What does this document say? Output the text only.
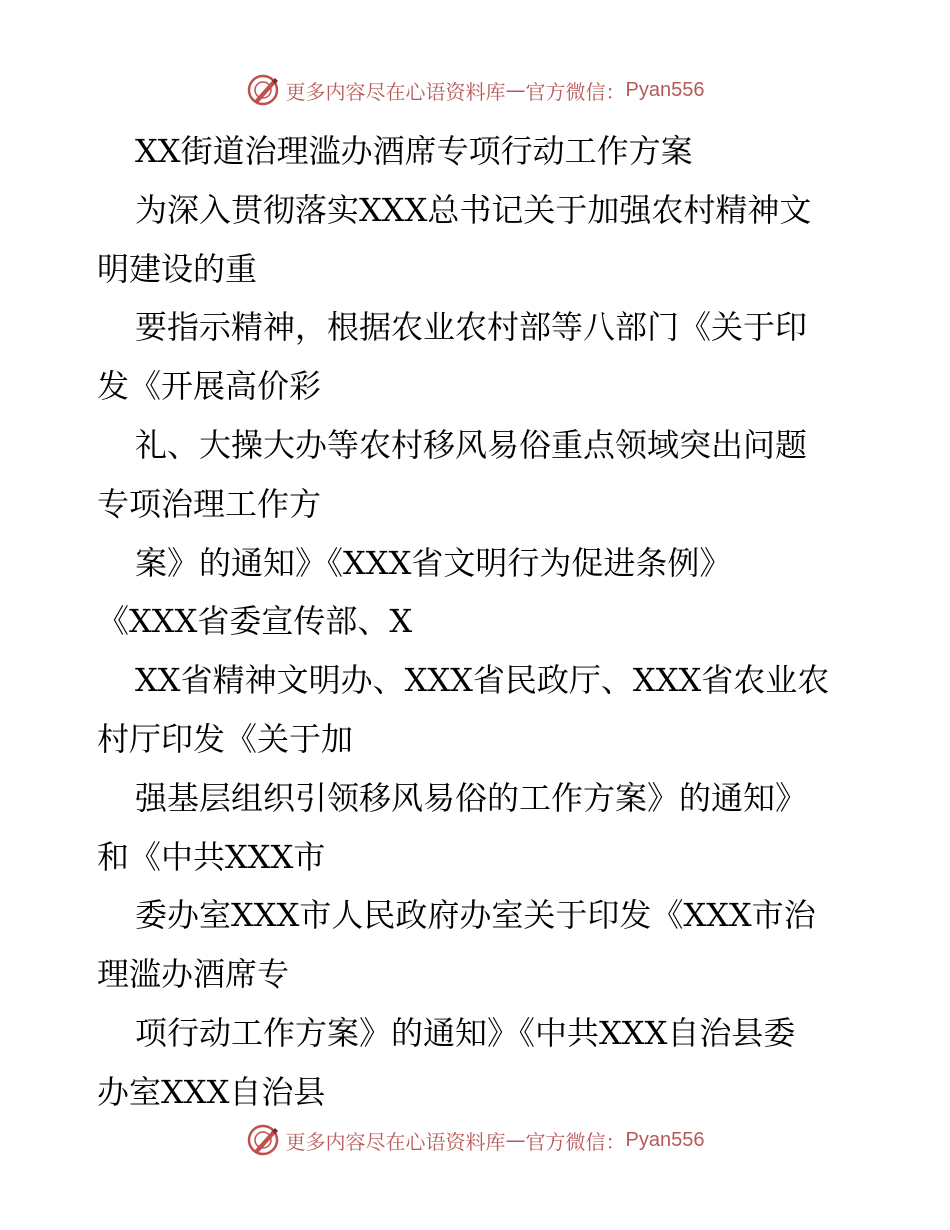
更多内容尽在心语资料库 — 官方微信： Pyan556
XX街道治理滥办酒席专项行动工作方案
为深入贯彻落实XXX总书记关于加强农村精神文
明建设的重
要指示精神，根据农业农村部等八部门《关于印
发《开展高价彩
礼、大操大办等农村移风易俗重点领域突出问题
专项治理工作方
案》的通知》《XXX省文明行为促进条例》
《XXX省委宣传部、X
XX省精神文明办、XXX省民政厅、XXX省农业农
村厅印发《关于加
强基层组织引领移风易俗的工作方案》的通知》
和《中共XXX市
委办室XXX市人民政府办室关于印发《XXX市治
理滥办酒席专
项行动工作方案》的通知》《中共XXX自治县委
办室XXX自治县
更多内容尽在心语资料库 — 官方微信： Pyan556
